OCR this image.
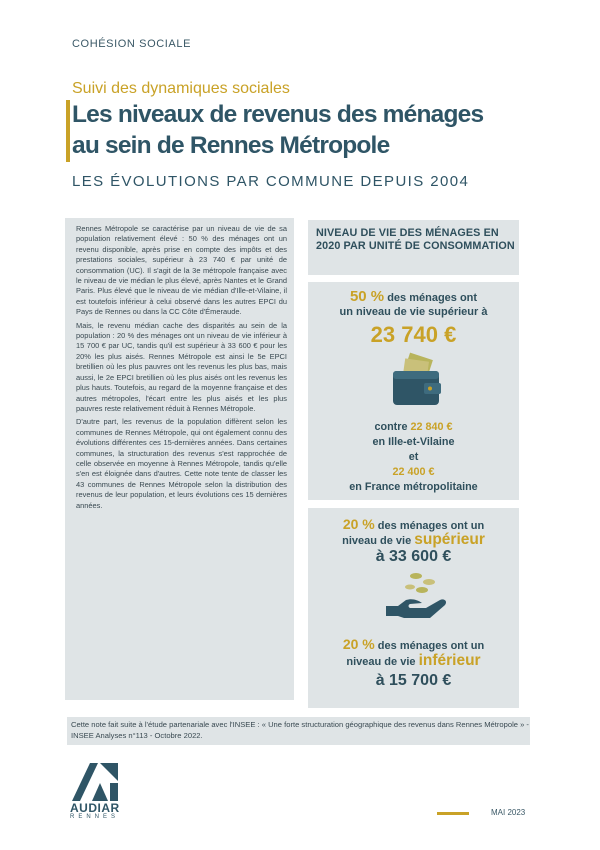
COHÉSION SOCIALE
Suivi des dynamiques sociales
Les niveaux de revenus des ménages
au sein de Rennes Métropole
LES ÉVOLUTIONS PAR COMMUNE DEPUIS 2004

Rennes Métropole se caractérise par un niveau de vie de sa population relativement élevé : 50 % des ménages ont un revenu disponible, après prise en compte des impôts et des prestations sociales, supérieur à 23 740 € par unité de consommation (UC). Il s'agit de la 3e métropole française avec le niveau de vie médian le plus élevé, après Nantes et le Grand Paris. Plus élevé que le niveau de vie médian d'Ille-et-Vilaine, il est toutefois inférieur à celui observé dans les autres EPCI du Pays de Rennes ou dans la CC Côte d'Émeraude.

Mais, le revenu médian cache des disparités au sein de la population : 20 % des ménages ont un niveau de vie inférieur à 15 700 € par UC, tandis qu'il est supérieur à 33 600 € pour les 20% les plus aisés. Rennes Métropole est ainsi le 5e EPCI bretillien où les plus pauvres ont les revenus les plus bas, mais aussi, le 2e EPCI bretillien où les plus aisés ont les revenus les plus hauts. Toutefois, au regard de la moyenne française et des autres métropoles, l'écart entre les plus aisés et les plus pauvres reste relativement réduit à Rennes Métropole.

D'autre part, les revenus de la population diffèrent selon les communes de Rennes Métropole, qui ont également connu des évolutions différentes ces 15-dernières années. Dans certaines communes, la structuration des revenus s'est rapprochée de celle observée en moyenne à Rennes Métropole, tandis qu'elle s'en est éloignée dans d'autres. Cette note tente de classer les 43 communes de Rennes Métropole selon la distribution des revenus de leur population, et leurs évolutions ces 15 dernières années.

NIVEAU DE VIE DES MÉNAGES EN 2020 PAR UNITÉ DE CONSOMMATION
50 % des ménages ont
un niveau de vie supérieur à
23 740 €
contre 22 840 €
en Ille-et-Vilaine
et
22 400 €
en France métropolitaine
20 % des ménages ont un
niveau de vie supérieur
à 33 600 €
20 % des ménages ont un
niveau de vie inférieur
à 15 700 €
Cette note fait suite à l'étude partenariale avec l'INSEE : « Une forte structuration géographique des revenus dans Rennes Métropole » - INSEE Analyses n°113 - Octobre 2022.
AUDIAR
RENNES	MAI 2023
